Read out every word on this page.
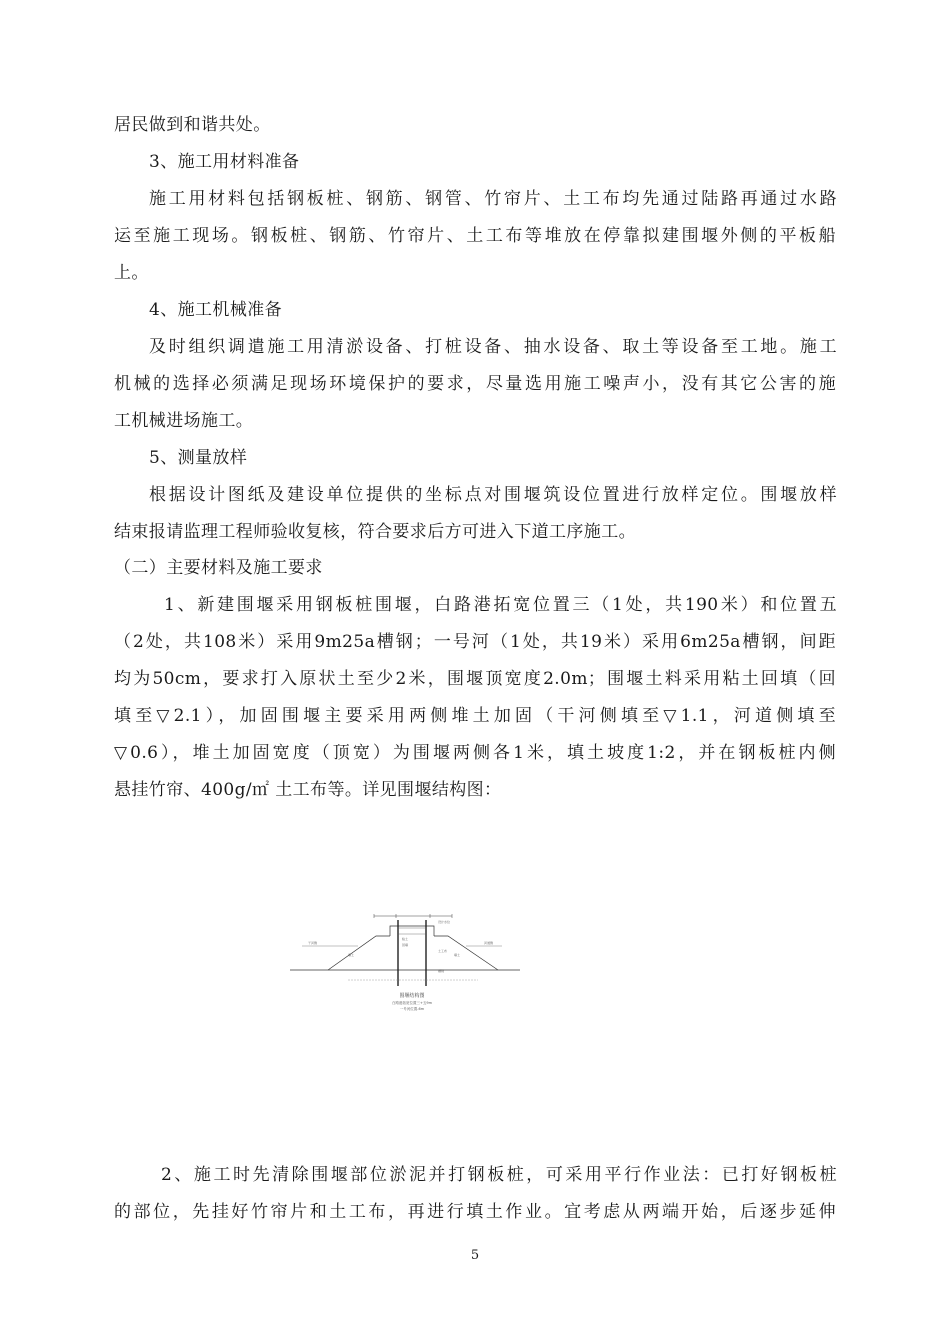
居民做到和谐共处。
3、施工用材料准备
施工用材料包括钢板桩、钢筋、钢管、竹帘片、土工布均先通过陆路再通过水路
运至施工现场。钢板桩、钢筋、竹帘片、土工布等堆放在停靠拟建围堰外侧的平板船
上。
4、施工机械准备
及时组织调遣施工用清淤设备、打桩设备、抽水设备、取土等设备至工地。施工
机械的选择必须满足现场环境保护的要求，尽量选用施工噪声小，没有其它公害的施
工机械进场施工。
5、测量放样
根据设计图纸及建设单位提供的坐标点对围堰筑设位置进行放样定位。围堰放样
结束报请监理工程师验收复核，符合要求后方可进入下道工序施工。
（二）主要材料及施工要求
1、新建围堰采用钢板桩围堰，白路港拓宽位置三（1处，共190米）和位置五
（2处，共108米）采用9m25a槽钢；一号河（1处，共19米）采用6m25a槽钢，间距
均为50cm，要求打入原状土至少2米，围堰顶宽度2.0m；围堰土料采用粘土回填（回
填至▽2.1），加固围堰主要采用两侧堆土加固（干河侧填至▽1.1，河道侧填至
▽0.6），堆土加固宽度（顶宽）为围堰两侧各1米，填土坡度1:2，并在钢板桩内侧
悬挂竹帘、400g/㎡ 土工布等。详见围堰结构图：
设计水位
粘土
回填
填土	填土
土工布
槽钢
干河侧	河道侧
围堰结构图
白路港拓宽位置三+五9m
一号河位置-6m
2、施工时先清除围堰部位淤泥并打钢板桩，可采用平行作业法：已打好钢板桩
的部位，先挂好竹帘片和土工布，再进行填土作业。宜考虑从两端开始，后逐步延伸
5
